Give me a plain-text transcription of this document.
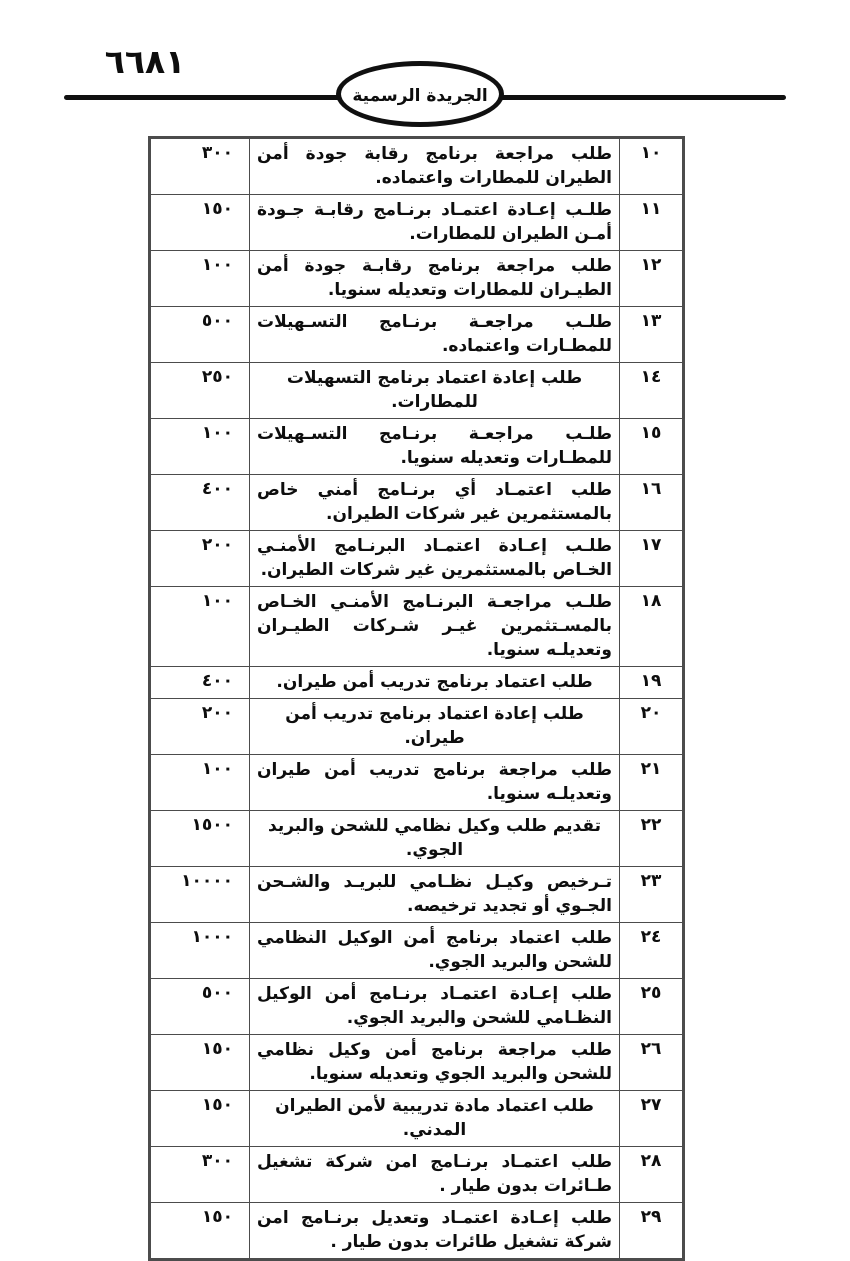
٦٦٨١
الجريدة الرسمية
١٠	طلب مراجعة برنامج رقابة جودة أمن الطيران للمطارات واعتماده.	٣٠٠
١١	طلـب إعـادة اعتمـاد برنـامج رقابـة جـودة أمـن الطيران للمطارات.	١٥٠
١٢	طلب مراجعة برنامج رقابـة جودة أمن الطيـران للمطارات وتعديله سنويا.	١٠٠
١٣	طلـب مراجعـة برنـامج التسـهيلات للمطـارات واعتماده.	٥٠٠
١٤	طلب إعادة اعتماد برنامج التسهيلات للمطارات.	٢٥٠
١٥	طلـب مراجعـة برنـامج التسـهيلات للمطـارات وتعديله سنويا.	١٠٠
١٦	طلب اعتمـاد أي برنـامج أمني خاص بالمستثمرين غير شركات الطيران.	٤٠٠
١٧	طلـب إعـادة اعتمـاد البرنـامج الأمنـي الخـاص بالمستثمرين غير شركات الطيران.	٢٠٠
١٨	طلـب مراجعـة البرنـامج الأمنـي الخـاص بالمسـتثمرين غيـر شـركات الطيـران وتعديلـه سنويا.	١٠٠
١٩	طلب اعتماد برنامج تدريب أمن طيران.	٤٠٠
٢٠	طلب إعادة اعتماد برنامج تدريب أمن طيران.	٢٠٠
٢١	طلب مراجعة برنامج تدريب أمن طيران وتعديلـه سنويا.	١٠٠
٢٢	تقديم طلب وكيل نظامي للشحن والبريد الجوي.	١٥٠٠
٢٣	تـرخيص وكيـل نظـامي للبريـد والشـحن الجـوي أو تجديد ترخيصه.	١٠٠٠٠
٢٤	طلب اعتماد برنامج أمن الوكيل النظامي للشحن والبريد الجوي.	١٠٠٠
٢٥	طلب إعـادة اعتمـاد برنـامج أمن الوكيل النظـامي للشحن والبريد الجوي.	٥٠٠
٢٦	طلب مراجعة برنامج أمن وكيل نظامي للشحن والبريد الجوي وتعديله سنويا.	١٥٠
٢٧	طلب اعتماد مادة تدريبية لأمن الطيران المدني.	١٥٠
٢٨	طلب اعتمـاد برنـامج امن شركة تشغيل طـائرات بدون طيار .	٣٠٠
٢٩	طلب إعـادة اعتمـاد وتعديل برنـامج امن شركة تشغيل طائرات بدون طيار .	١٥٠
